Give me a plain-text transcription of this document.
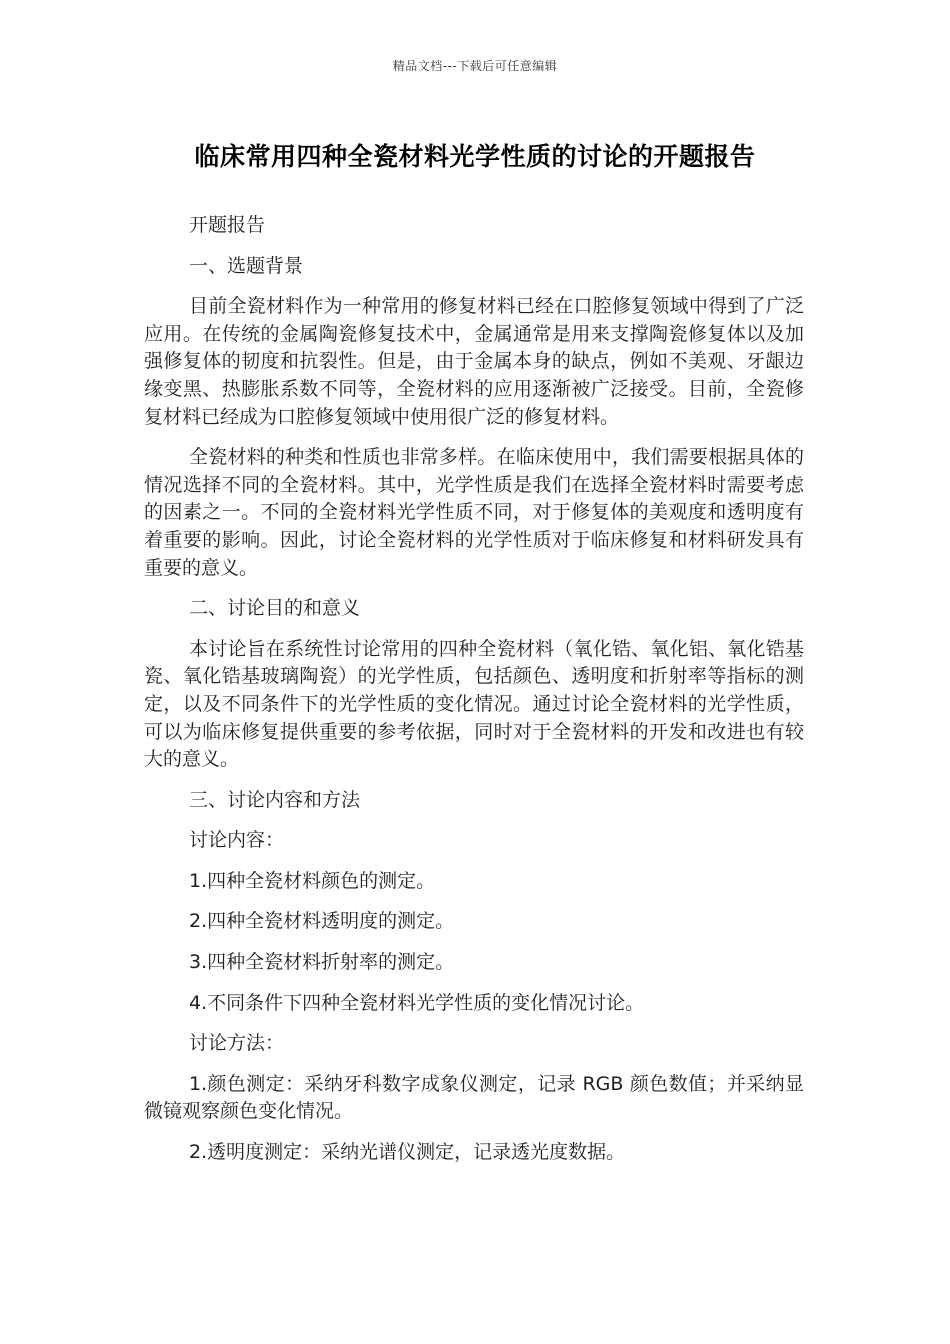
精品文档---下载后可任意编辑
临床常用四种全瓷材料光学性质的讨论的开题报告

开题报告

一、选题背景

目前全瓷材料作为一种常用的修复材料已经在口腔修复领域中得到了广泛应用。在传统的金属陶瓷修复技术中，金属通常是用来支撑陶瓷修复体以及加强修复体的韧度和抗裂性。但是，由于金属本身的缺点，例如不美观、牙龈边缘变黑、热膨胀系数不同等，全瓷材料的应用逐渐被广泛接受。目前，全瓷修复材料已经成为口腔修复领域中使用很广泛的修复材料。

全瓷材料的种类和性质也非常多样。在临床使用中，我们需要根据具体的情况选择不同的全瓷材料。其中，光学性质是我们在选择全瓷材料时需要考虑的因素之一。不同的全瓷材料光学性质不同，对于修复体的美观度和透明度有着重要的影响。因此，讨论全瓷材料的光学性质对于临床修复和材料研发具有重要的意义。

二、讨论目的和意义

本讨论旨在系统性讨论常用的四种全瓷材料（氧化锆、氧化铝、氧化锆基瓷、氧化锆基玻璃陶瓷）的光学性质，包括颜色、透明度和折射率等指标的测定，以及不同条件下的光学性质的变化情况。通过讨论全瓷材料的光学性质，可以为临床修复提供重要的参考依据，同时对于全瓷材料的开发和改进也有较大的意义。

三、讨论内容和方法

讨论内容：

1.四种全瓷材料颜色的测定。

2.四种全瓷材料透明度的测定。

3.四种全瓷材料折射率的测定。

4.不同条件下四种全瓷材料光学性质的变化情况讨论。

讨论方法：

1.颜色测定：采纳牙科数字成象仪测定，记录 RGB 颜色数值；并采纳显微镜观察颜色变化情况。

2.透明度测定：采纳光谱仪测定，记录透光度数据。
